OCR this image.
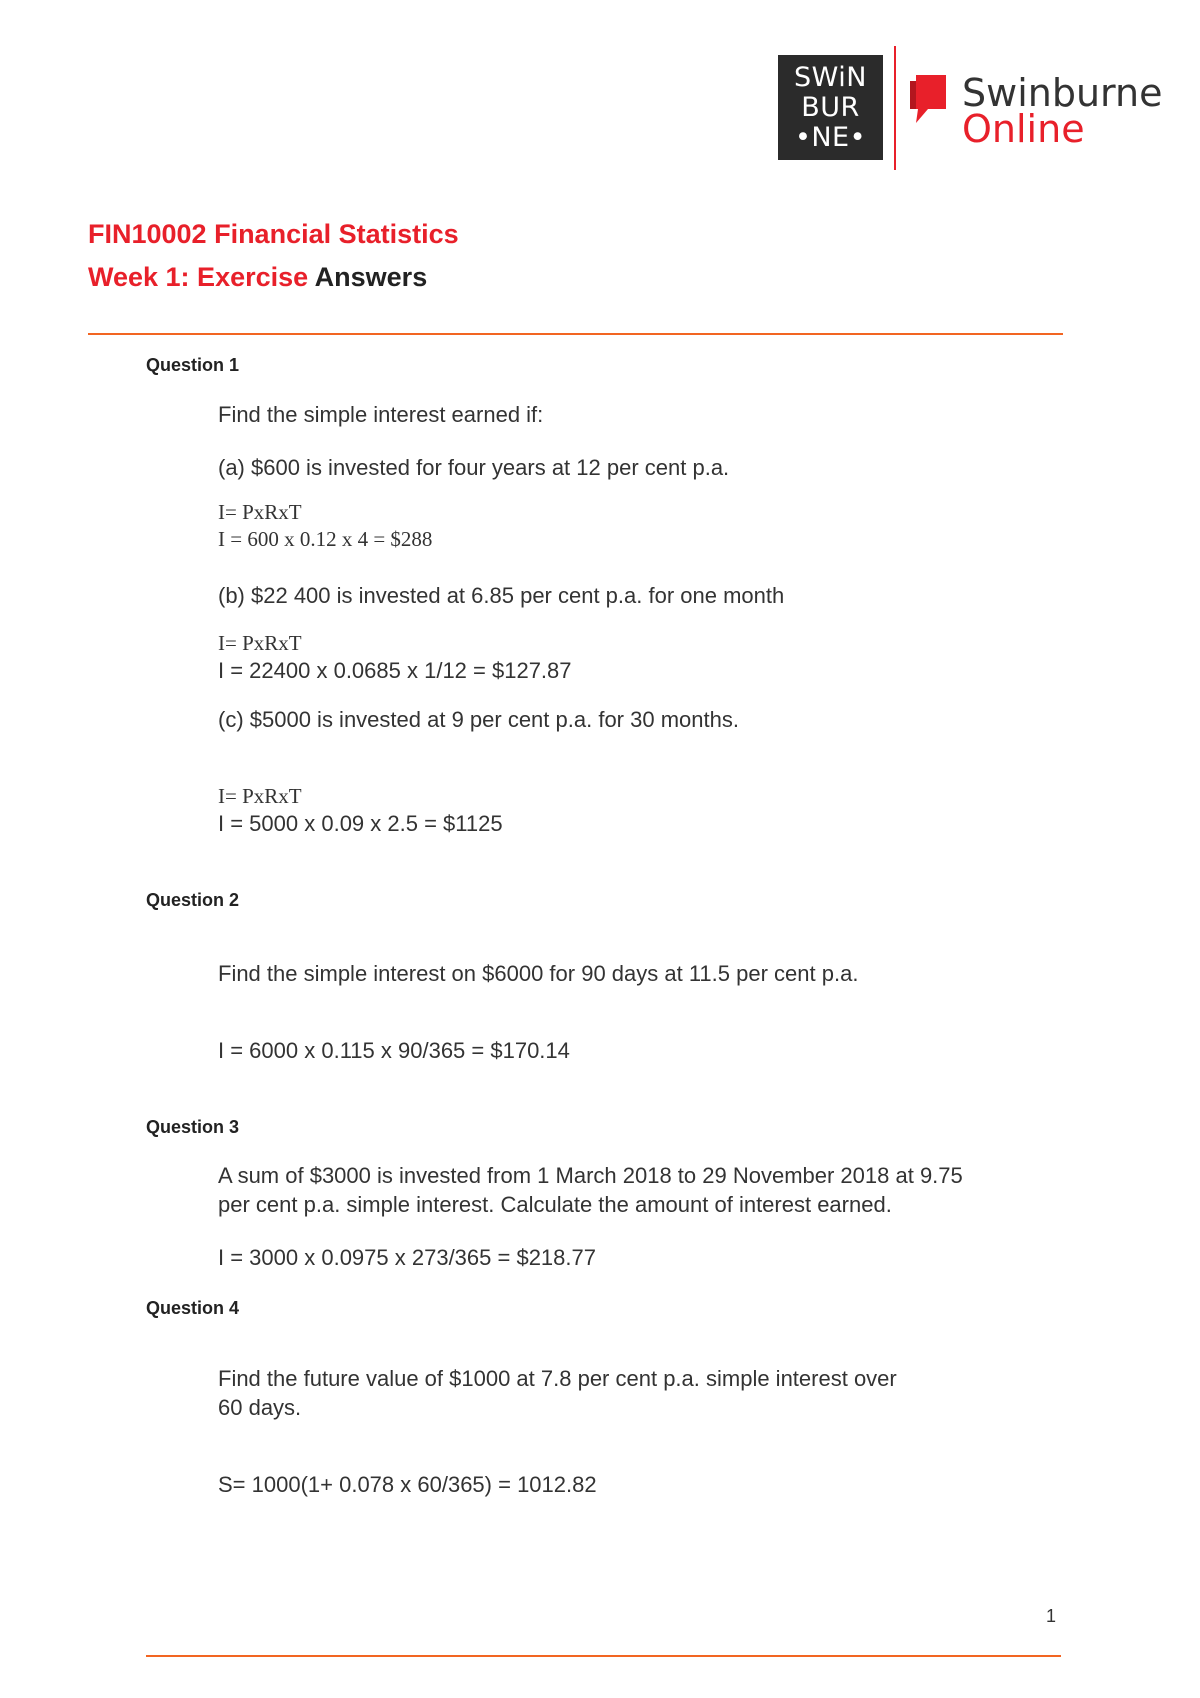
SWiN
BUR
•NE•
Swinburne
Online
FIN10002 Financial Statistics
Week 1: Exercise Answers
Question 1
Find the simple interest earned if:
(a) $600 is invested for four years at 12 per cent p.a.
I= PxRxT
I = 600 x 0.12 x 4 = $288
(b) $22 400 is invested at 6.85 per cent p.a. for one month
I= PxRxT
I = 22400 x 0.0685 x 1/12 = $127.87
(c) $5000 is invested at 9 per cent p.a. for 30 months.
I= PxRxT
I = 5000 x 0.09 x 2.5 = $1125
Question 2
Find the simple interest on $6000 for 90 days at 11.5 per cent p.a.
I = 6000 x 0.115 x 90/365 = $170.14
Question 3
A sum of $3000 is invested from 1 March 2018 to 29 November 2018 at 9.75
per cent p.a. simple interest. Calculate the amount of interest earned.
I = 3000 x 0.0975 x 273/365 = $218.77
Question 4
Find the future value of $1000 at 7.8 per cent p.a. simple interest over
60 days.
S= 1000(1+ 0.078 x 60/365) = 1012.82
1
